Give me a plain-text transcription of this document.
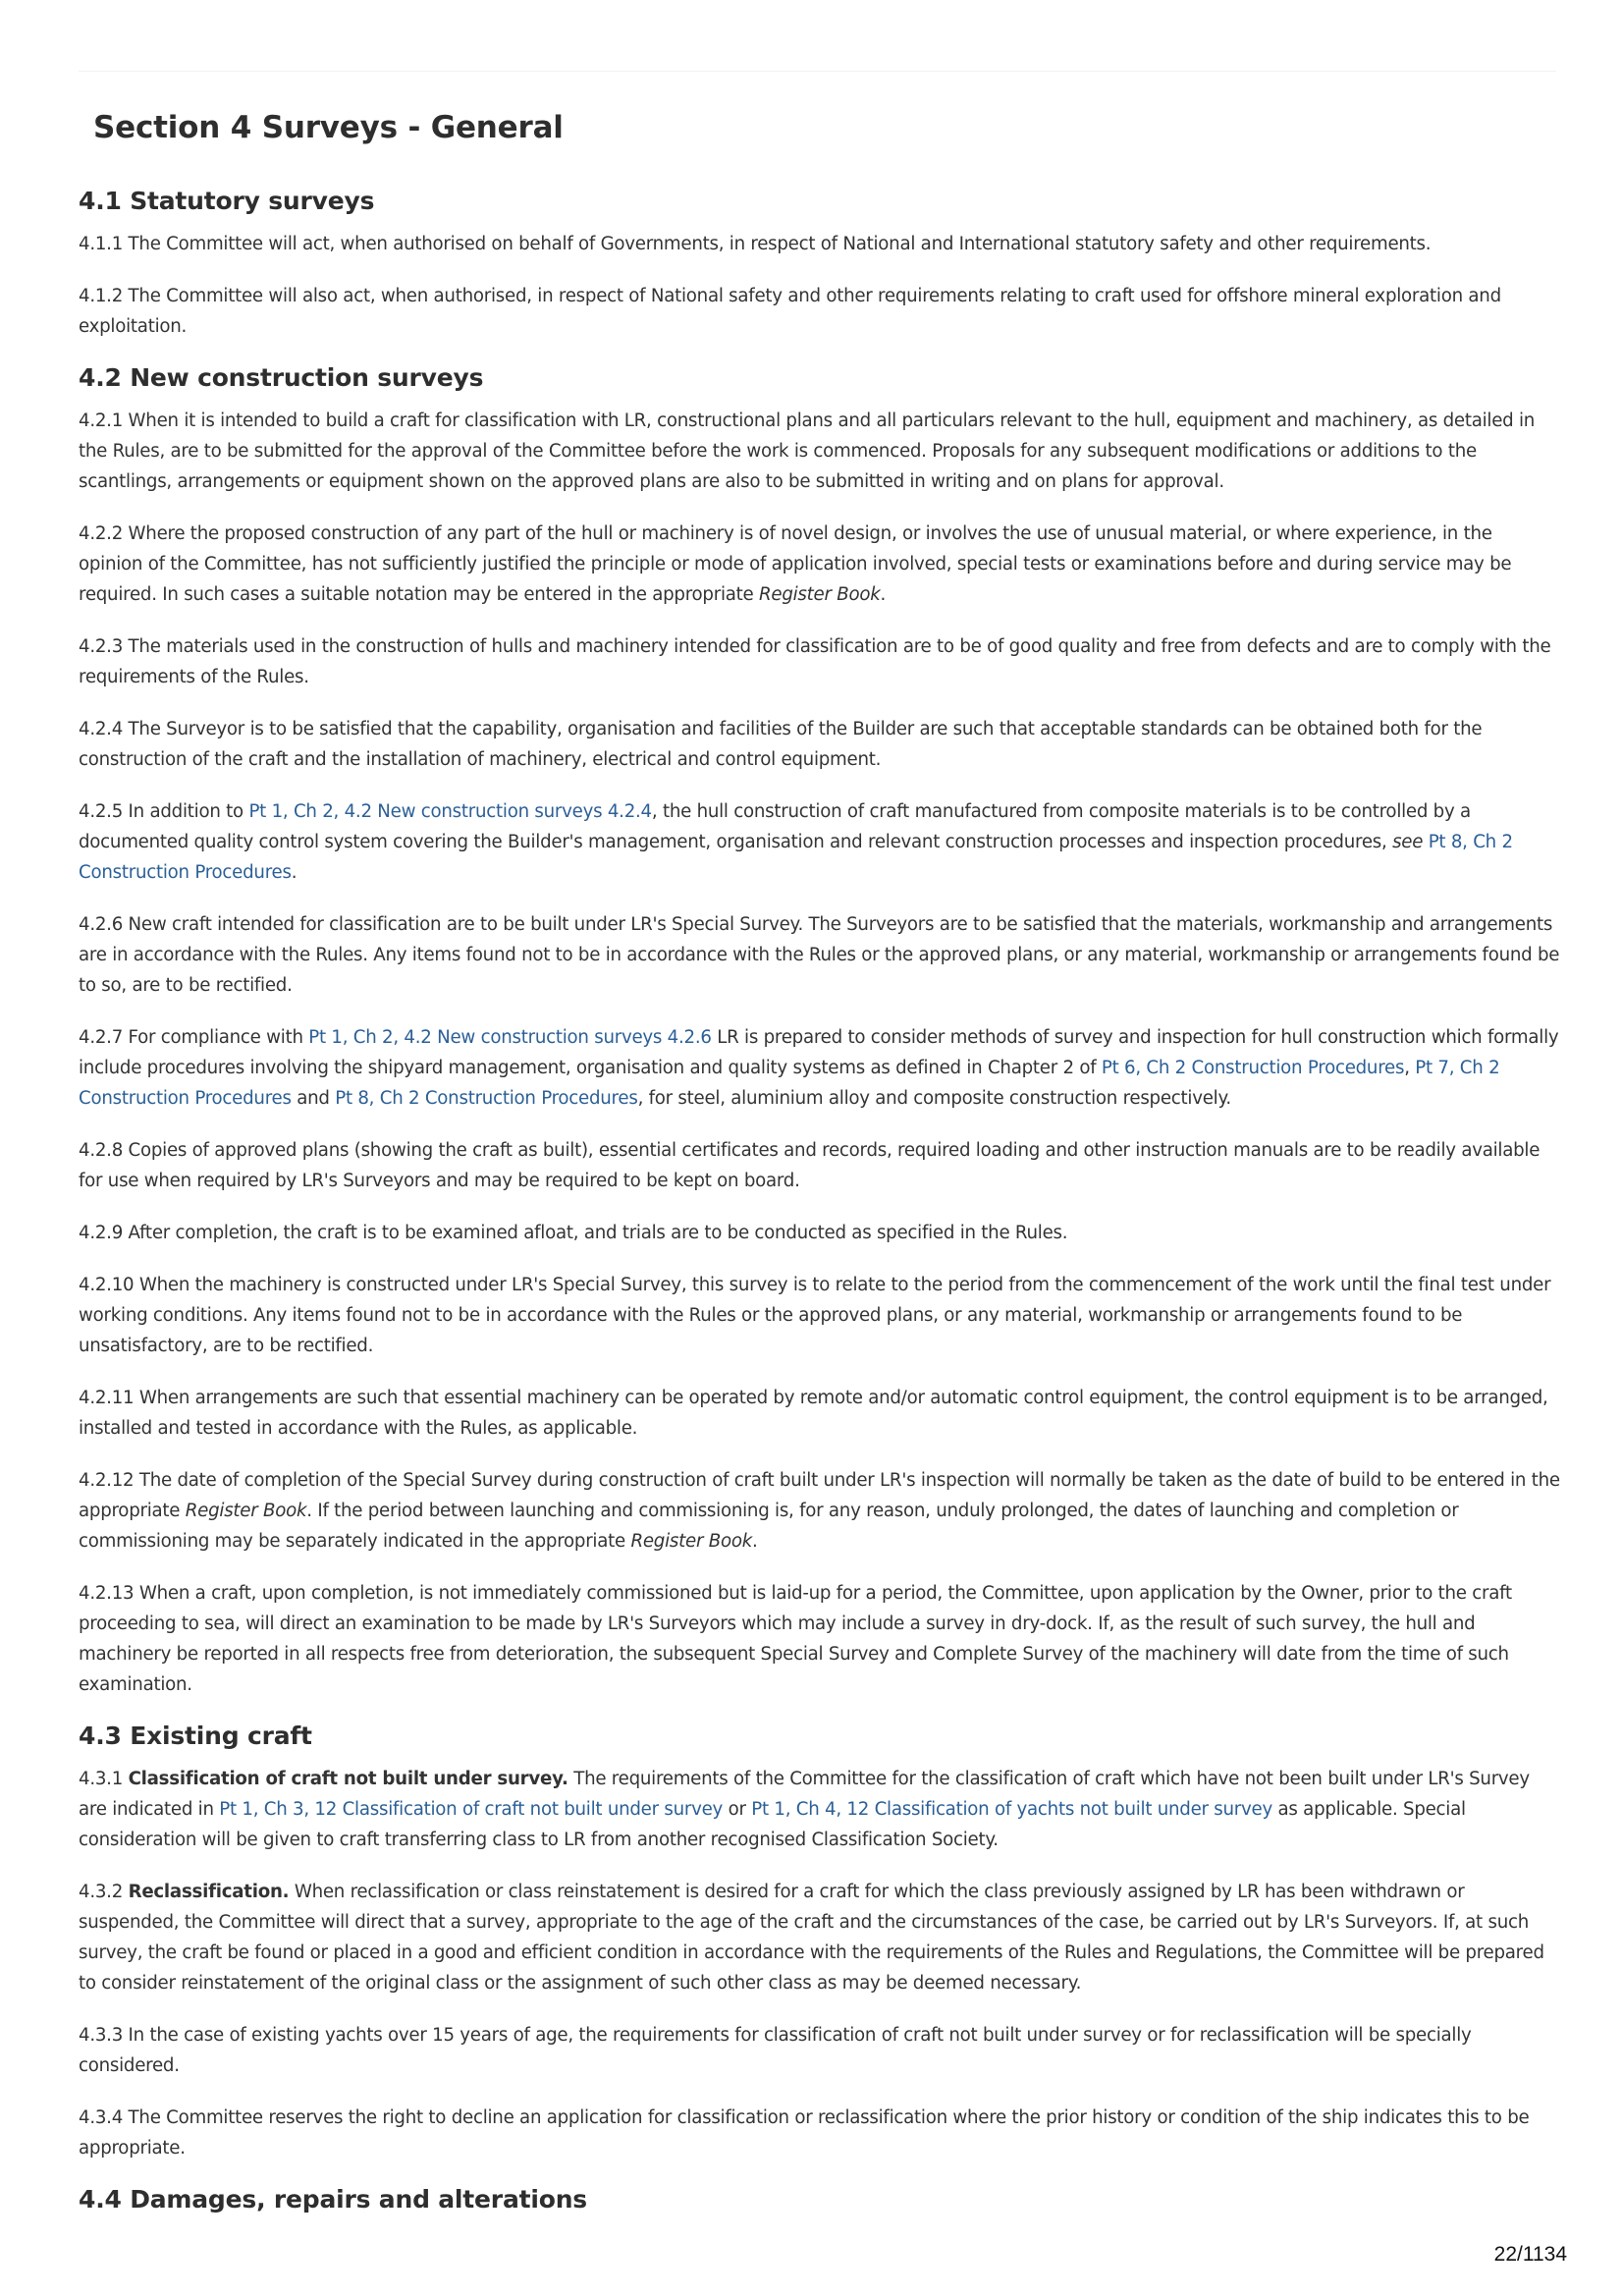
Section 4 Surveys - General
4.1 Statutory surveys

4.1.1 The Committee will act, when authorised on behalf of Governments, in respect of National and International statutory safety and other requirements.

4.1.2 The Committee will also act, when authorised, in respect of National safety and other requirements relating to craft used for offshore mineral exploration and exploitation.

4.2 New construction surveys

4.2.1 When it is intended to build a craft for classification with LR, constructional plans and all particulars relevant to the hull, equipment and machinery, as detailed in the Rules, are to be submitted for the approval of the Committee before the work is commenced. Proposals for any subsequent modifications or additions to the scantlings, arrangements or equipment shown on the approved plans are also to be submitted in writing and on plans for approval.

4.2.2 Where the proposed construction of any part of the hull or machinery is of novel design, or involves the use of unusual material, or where experience, in the opinion of the Committee, has not sufficiently justified the principle or mode of application involved, special tests or examinations before and during service may be required. In such cases a suitable notation may be entered in the appropriate Register Book.

4.2.3 The materials used in the construction of hulls and machinery intended for classification are to be of good quality and free from defects and are to comply with the requirements of the Rules.

4.2.4 The Surveyor is to be satisfied that the capability, organisation and facilities of the Builder are such that acceptable standards can be obtained both for the construction of the craft and the installation of machinery, electrical and control equipment.

4.2.5 In addition to Pt 1, Ch 2, 4.2 New construction surveys 4.2.4, the hull construction of craft manufactured from composite materials is to be controlled by a documented quality control system covering the Builder's management, organisation and relevant construction processes and inspection procedures, see Pt 8, Ch 2 Construction Procedures.

4.2.6 New craft intended for classification are to be built under LR's Special Survey. The Surveyors are to be satisfied that the materials, workmanship and arrangements are in accordance with the Rules. Any items found not to be in accordance with the Rules or the approved plans, or any material, workmanship or arrangements found be to so, are to be rectified.

4.2.7 For compliance with Pt 1, Ch 2, 4.2 New construction surveys 4.2.6 LR is prepared to consider methods of survey and inspection for hull construction which formally include procedures involving the shipyard management, organisation and quality systems as defined in Chapter 2 of Pt 6, Ch 2 Construction Procedures, Pt 7, Ch 2 Construction Procedures and Pt 8, Ch 2 Construction Procedures, for steel, aluminium alloy and composite construction respectively.

4.2.8 Copies of approved plans (showing the craft as built), essential certificates and records, required loading and other instruction manuals are to be readily available for use when required by LR's Surveyors and may be required to be kept on board.

4.2.9 After completion, the craft is to be examined afloat, and trials are to be conducted as specified in the Rules.

4.2.10 When the machinery is constructed under LR's Special Survey, this survey is to relate to the period from the commencement of the work until the final test under working conditions. Any items found not to be in accordance with the Rules or the approved plans, or any material, workmanship or arrangements found to be unsatisfactory, are to be rectified.

4.2.11 When arrangements are such that essential machinery can be operated by remote and/or automatic control equipment, the control equipment is to be arranged, installed and tested in accordance with the Rules, as applicable.

4.2.12 The date of completion of the Special Survey during construction of craft built under LR's inspection will normally be taken as the date of build to be entered in the appropriate Register Book. If the period between launching and commissioning is, for any reason, unduly prolonged, the dates of launching and completion or commissioning may be separately indicated in the appropriate Register Book.

4.2.13 When a craft, upon completion, is not immediately commissioned but is laid-up for a period, the Committee, upon application by the Owner, prior to the craft proceeding to sea, will direct an examination to be made by LR's Surveyors which may include a survey in dry-dock. If, as the result of such survey, the hull and machinery be reported in all respects free from deterioration, the subsequent Special Survey and Complete Survey of the machinery will date from the time of such examination.

4.3 Existing craft

4.3.1 Classification of craft not built under survey. The requirements of the Committee for the classification of craft which have not been built under LR's Survey are indicated in Pt 1, Ch 3, 12 Classification of craft not built under survey or Pt 1, Ch 4, 12 Classification of yachts not built under survey as applicable. Special consideration will be given to craft transferring class to LR from another recognised Classification Society.

4.3.2 Reclassification. When reclassification or class reinstatement is desired for a craft for which the class previously assigned by LR has been withdrawn or suspended, the Committee will direct that a survey, appropriate to the age of the craft and the circumstances of the case, be carried out by LR's Surveyors. If, at such survey, the craft be found or placed in a good and efficient condition in accordance with the requirements of the Rules and Regulations, the Committee will be prepared to consider reinstatement of the original class or the assignment of such other class as may be deemed necessary.

4.3.3 In the case of existing yachts over 15 years of age, the requirements for classification of craft not built under survey or for reclassification will be specially considered.

4.3.4 The Committee reserves the right to decline an application for classification or reclassification where the prior history or condition of the ship indicates this to be appropriate.

4.4 Damages, repairs and alterations
22/1134
